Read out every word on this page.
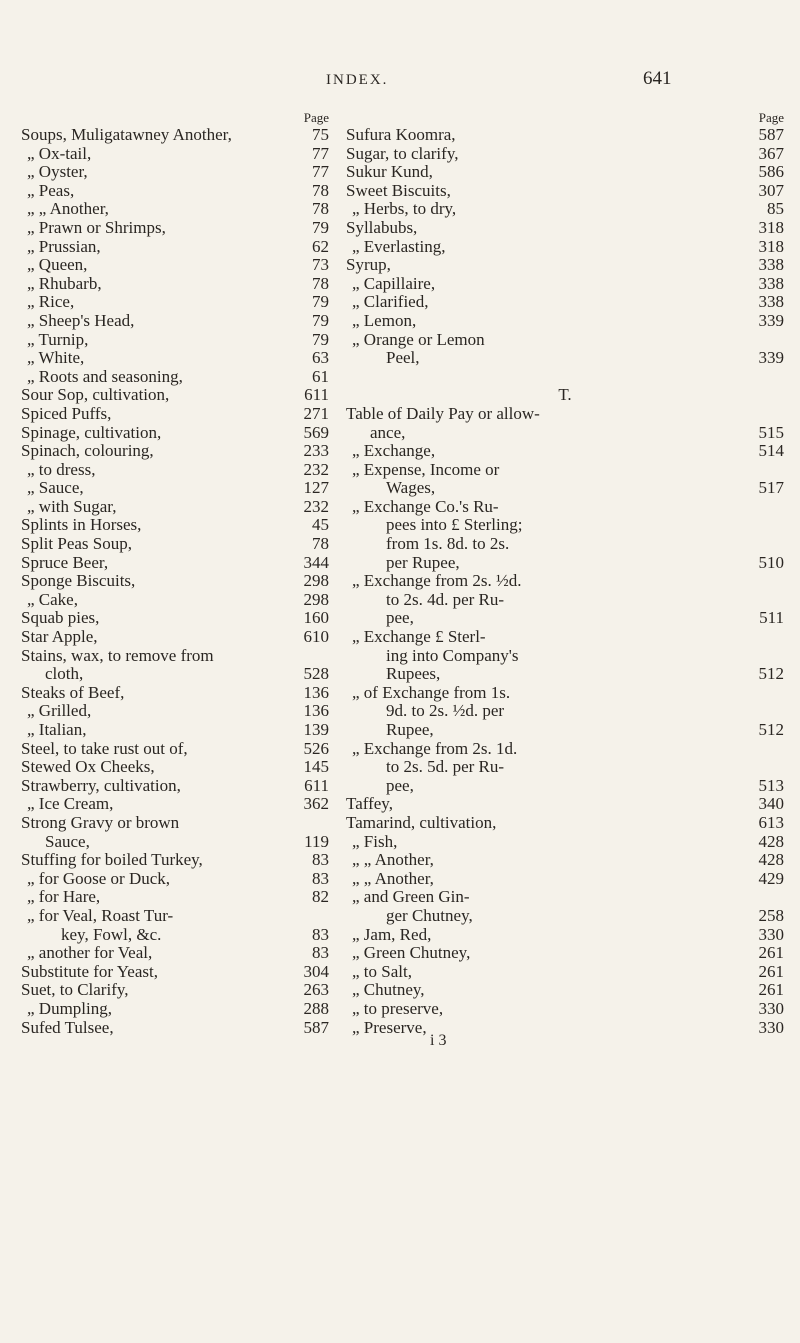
INDEX.	641
Page
Soups, Muligatawney Another,	75
„ Ox-tail,	77
„ Oyster,	77
„ Peas,	78
„ „ Another,	78
„ Prawn or Shrimps,	79
„ Prussian,	62
„ Queen,	73
„ Rhubarb,	78
„ Rice,	79
„ Sheep's Head,	79
„ Turnip,	79
„ White,	63
„ Roots and seasoning,	61
Sour Sop, cultivation,	611
Spiced Puffs,	271
Spinage, cultivation,	569
Spinach, colouring,	233
„ to dress,	232
„ Sauce,	127
„ with Sugar,	232
Splints in Horses,	45
Split Peas Soup,	78
Spruce Beer,	344
Sponge Biscuits,	298
„ Cake,	298
Squab pies,	160
Star Apple,	610
Stains, wax, to remove from
cloth,	528
Steaks of Beef,	136
„ Grilled,	136
„ Italian,	139
Steel, to take rust out of,	526
Stewed Ox Cheeks,	145
Strawberry, cultivation,	611
„ Ice Cream,	362
Strong Gravy or brown
Sauce,	119
Stuffing for boiled Turkey,	83
„ for Goose or Duck,	83
„ for Hare,	82
„ for Veal, Roast Tur-
key, Fowl, &c.	83
„ another for Veal,	83
Substitute for Yeast,	304
Suet, to Clarify,	263
„ Dumpling,	288
Sufed Tulsee,	587
Page
Sufura Koomra,	587
Sugar, to clarify,	367
Sukur Kund,	586
Sweet Biscuits,	307
„ Herbs, to dry,	85
Syllabubs,	318
„ Everlasting,	318
Syrup,	338
„ Capillaire,	338
„ Clarified,	338
„ Lemon,	339
„ Orange or Lemon
Peel,	339
T.
Table of Daily Pay or allow-
ance,	515
„ Exchange,	514
„ Expense, Income or
Wages,	517
„ Exchange Co.'s Ru-
pees into £ Sterling;
from 1s. 8d. to 2s.
per Rupee,	510
„ Exchange from 2s. ½d.
to 2s. 4d. per Ru-
pee,	511
„ Exchange £ Sterl-
ing into Company's
Rupees,	512
„ of Exchange from 1s.
9d. to 2s. ½d. per
Rupee,	512
„ Exchange from 2s. 1d.
to 2s. 5d. per Ru-
pee,	513
Taffey,	340
Tamarind, cultivation,	613
„ Fish,	428
„ „ Another,	428
„ „ Another,	429
„ and Green Gin-
ger Chutney,	258
„ Jam, Red,	330
„ Green Chutney,	261
„ to Salt,	261
„ Chutney,	261
„ to preserve,	330
„ Preserve,	330
i 3
